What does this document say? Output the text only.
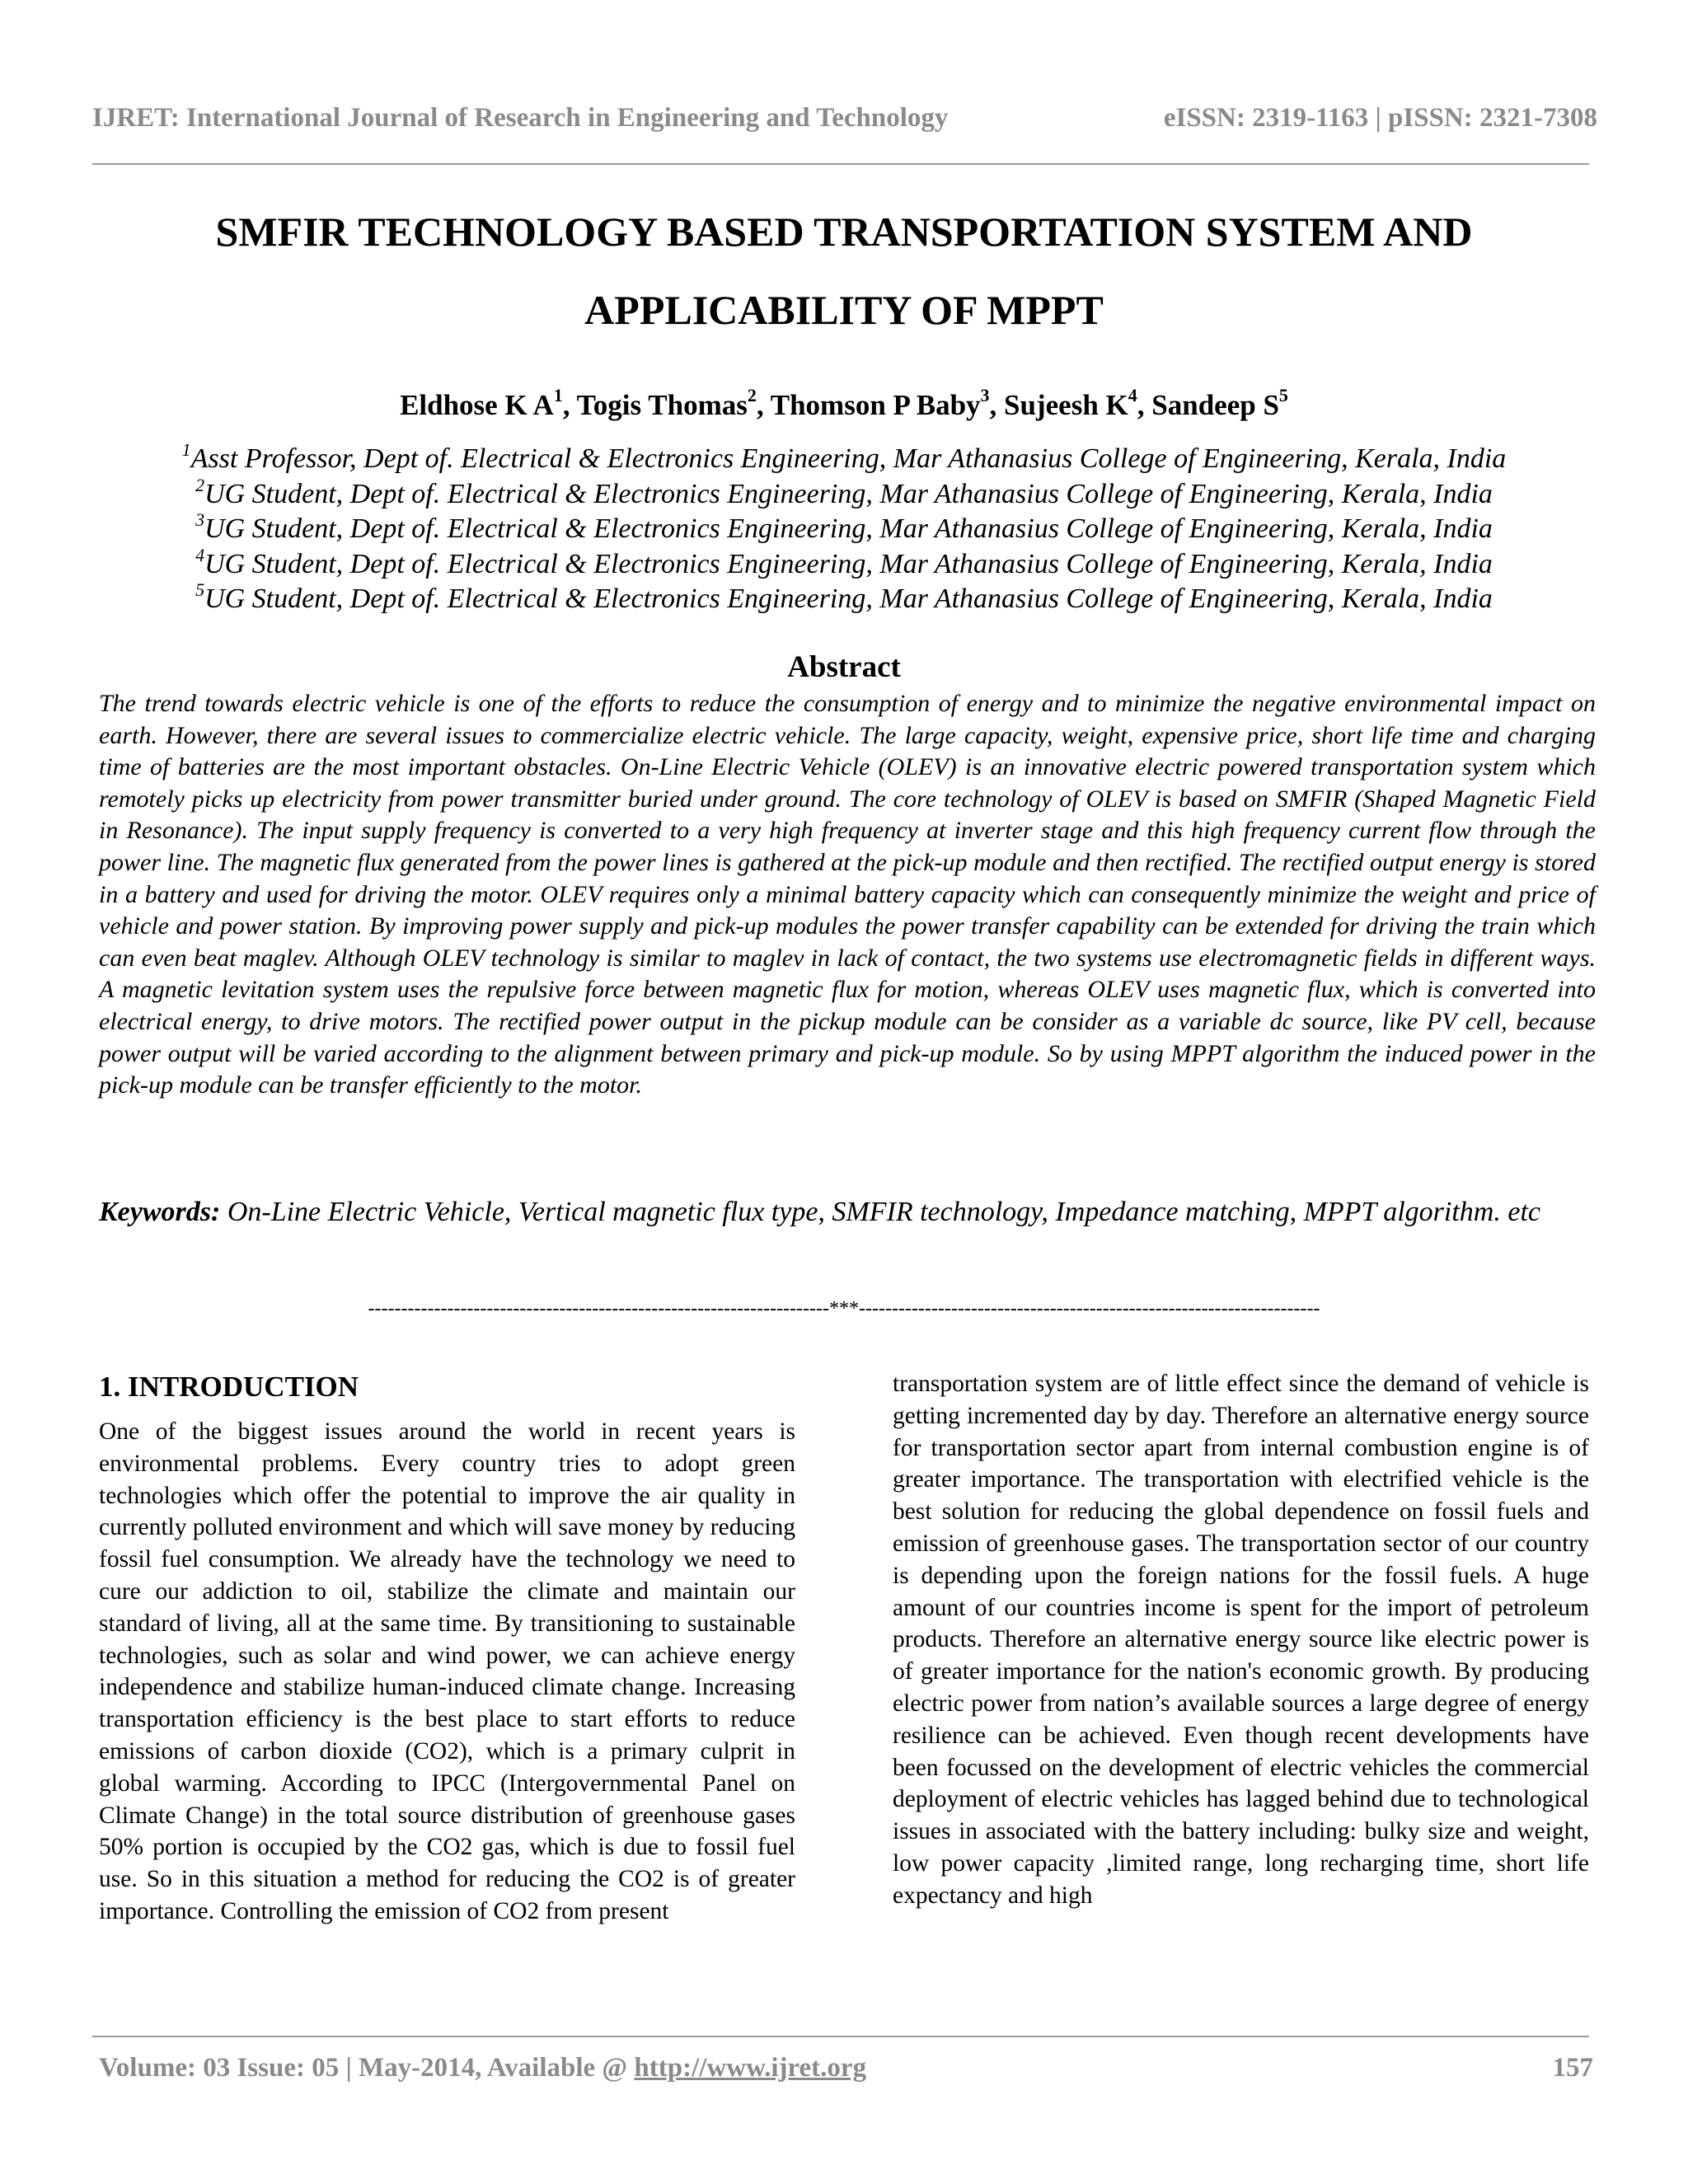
IJRET: International Journal of Research in Engineering and Technology	eISSN: 2319-1163 | pISSN: 2321-7308
SMFIR TECHNOLOGY BASED TRANSPORTATION SYSTEM AND
APPLICABILITY OF MPPT
Eldhose K $A^1$, Togis Thomas$^2$, Thomson P Baby$^3$, Sujeesh $K^4$, Sandeep $S^5$
$^1$Asst Professor, Dept of. Electrical & Electronics Engineering, Mar Athanasius College of Engineering, Kerala, India
$^2$UG Student, Dept of. Electrical & Electronics Engineering, Mar Athanasius College of Engineering, Kerala, India
$^3$UG Student, Dept of. Electrical & Electronics Engineering, Mar Athanasius College of Engineering, Kerala, India
$^4$UG Student, Dept of. Electrical & Electronics Engineering, Mar Athanasius College of Engineering, Kerala, India
$^5$UG Student, Dept of. Electrical & Electronics Engineering, Mar Athanasius College of Engineering, Kerala, India
Abstract
The trend towards electric vehicle is one of the efforts to reduce the consumption of energy and to minimize the negative environmental impact on earth. However, there are several issues to commercialize electric vehicle. The large capacity, weight, expensive price, short life time and charging time of batteries are the most important obstacles. On-Line Electric Vehicle (OLEV) is an innovative electric powered transportation system which remotely picks up electricity from power transmitter buried under ground. The core technology of OLEV is based on SMFIR (Shaped Magnetic Field in Resonance). The input supply frequency is converted to a very high frequency at inverter stage and this high frequency current flow through the power line. The magnetic flux generated from the power lines is gathered at the pick-up module and then rectified. The rectified output energy is stored in a battery and used for driving the motor. OLEV requires only a minimal battery capacity which can consequently minimize the weight and price of vehicle and power station. By improving power supply and pick-up modules the power transfer capability can be extended for driving the train which can even beat maglev. Although OLEV technology is similar to maglev in lack of contact, the two systems use electromagnetic fields in different ways. A magnetic levitation system uses the repulsive force between magnetic flux for motion, whereas OLEV uses magnetic flux, which is converted into electrical energy, to drive motors. The rectified power output in the pickup module can be consider as a variable dc source, like PV cell, because power output will be varied according to the alignment between primary and pick-up module. So by using MPPT algorithm the induced power in the pick-up module can be transfer efficiently to the motor.
Keywords: On-Line Electric Vehicle, Vertical magnetic flux type, SMFIR technology, Impedance matching, MPPT algorithm. etc
----------------------------------------------------------------------***----------------------------------------------------------------------
1. INTRODUCTION

One of the biggest issues around the world in recent years is environmental problems. Every country tries to adopt green technologies which offer the potential to improve the air quality in currently polluted environment and which will save money by reducing fossil fuel consumption. We already have the technology we need to cure our addiction to oil, stabilize the climate and maintain our standard of living, all at the same time. By transitioning to sustainable technologies, such as solar and wind power, we can achieve energy independence and stabilize human-induced climate change. Increasing transportation efficiency is the best place to start efforts to reduce emissions of carbon dioxide (CO2), which is a primary culprit in global warming. According to IPCC (Intergovernmental Panel on Climate Change) in the total source distribution of greenhouse gases 50% portion is occupied by the CO2 gas, which is due to fossil fuel use. So in this situation a method for reducing the CO2 is of greater importance. Controlling the emission of CO2 from present

transportation system are of little effect since the demand of vehicle is getting incremented day by day. Therefore an alternative energy source for transportation sector apart from internal combustion engine is of greater importance. The transportation with electrified vehicle is the best solution for reducing the global dependence on fossil fuels and emission of greenhouse gases. The transportation sector of our country is depending upon the foreign nations for the fossil fuels. A huge amount of our countries income is spent for the import of petroleum products. Therefore an alternative energy source like electric power is of greater importance for the nation's economic growth. By producing electric power from nation’s available sources a large degree of energy resilience can be achieved. Even though recent developments have been focussed on the development of electric vehicles the commercial deployment of electric vehicles has lagged behind due to technological issues in associated with the battery including: bulky size and weight, low power capacity ,limited range, long recharging time, short life expectancy and high

Volume: 03 Issue: 05 | May-2014, Available @ http://www.ijret.org	157
